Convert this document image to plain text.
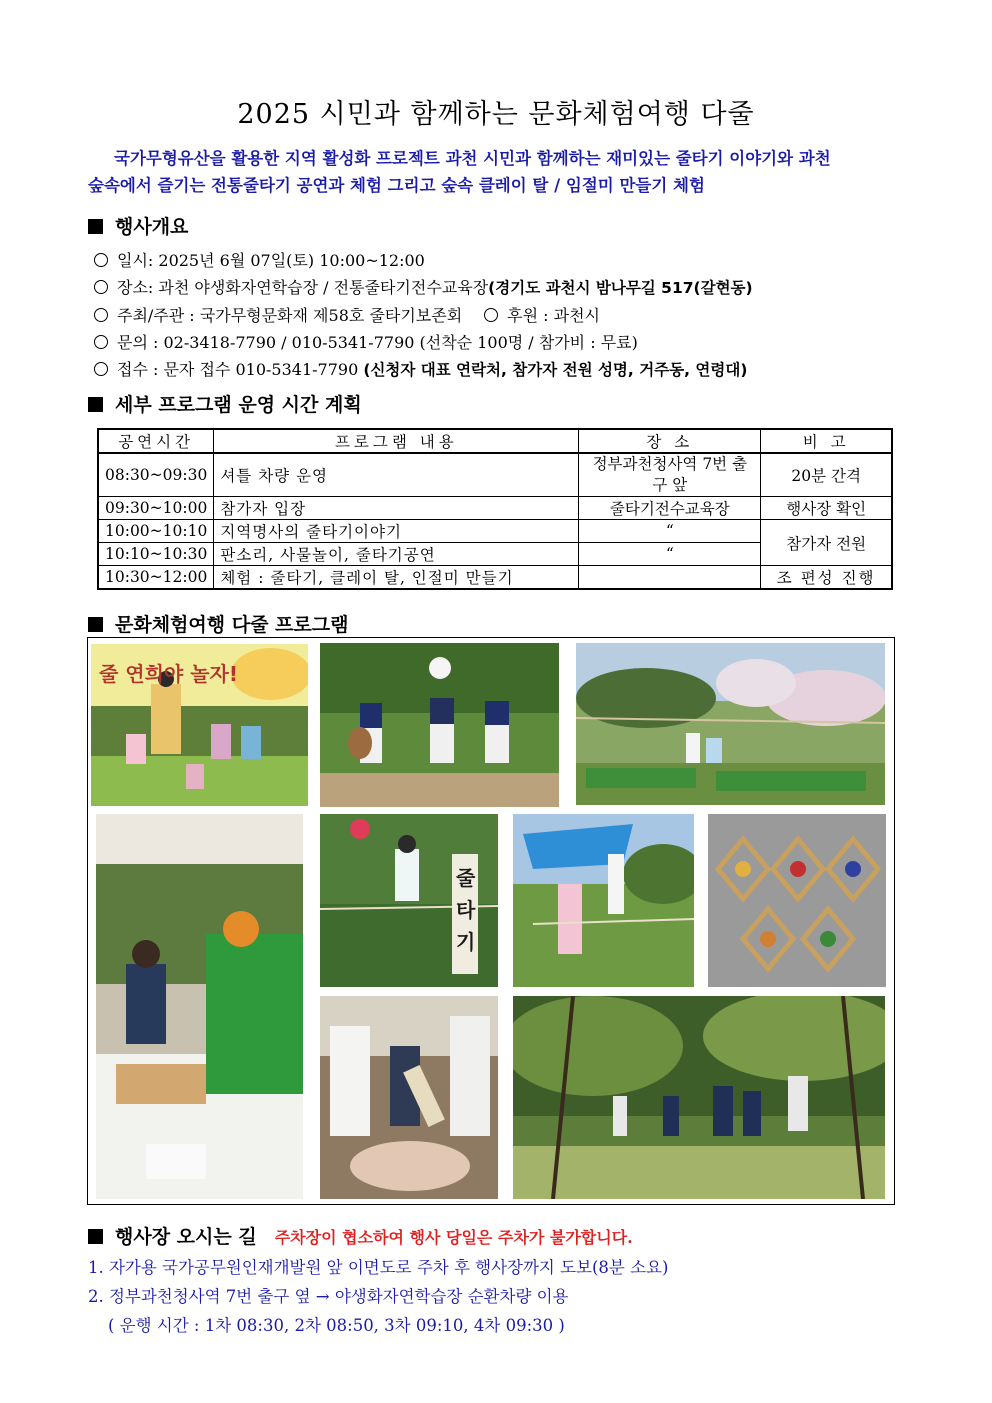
2025 시민과 함께하는 문화체험여행 다줄
국가무형유산을 활용한 지역 활성화 프로젝트 과천 시민과 함께하는 재미있는 줄타기 이야기와 과천
숲속에서 즐기는 전통줄타기 공연과 체험 그리고 숲속 클레이 탈 / 임절미 만들기 체험
행사개요
일시: 2025년 6월 07일(토) 10:00~12:00
장소: 과천 야생화자연학습장 / 전통줄타기전수교육장(경기도 과천시 밤나무길 517(갈현동)
주최/주관 : 국가무형문화재 제58호 줄타기보존회	후원 : 과천시
문의 : 02-3418-7790 / 010-5341-7790 (선착순 100명 / 참가비 : 무료)
접수 : 문자 접수 010-5341-7790 (신청자 대표 연락처, 참가자 전원 성명, 거주동, 연령대)
세부 프로그램 운영 시간 계획
공연시간	프로그램 내용	장 소	비 고
08:30~09:30	셔틀 차량 운영	정부과천청사역 7번 출구 앞	20분 간격
09:30~10:00	참가자 입장	줄타기전수교육장	행사장 확인
10:00~10:10	지역명사의 줄타기이야기	“	참가자 전원
10:10~10:30	판소리, 사물놀이, 줄타기공연	“	
10:30~12:00	체험 : 줄타기, 클레이 탈, 인절미 만들기		조 편성 진행
문화체험여행 다줄 프로그램
줄 연희야 놀자!
줄타기
행사장 오시는 길 주차장이 협소하여 행사 당일은 주차가 불가합니다.
1. 자가용 국가공무원인재개발원 앞 이면도로 주차 후 행사장까지 도보(8분 소요)
2. 정부과천청사역 7번 출구 옆 → 야생화자연학습장 순환차량 이용
( 운행 시간 : 1차 08:30, 2차 08:50, 3차 09:10, 4차 09:30 )
